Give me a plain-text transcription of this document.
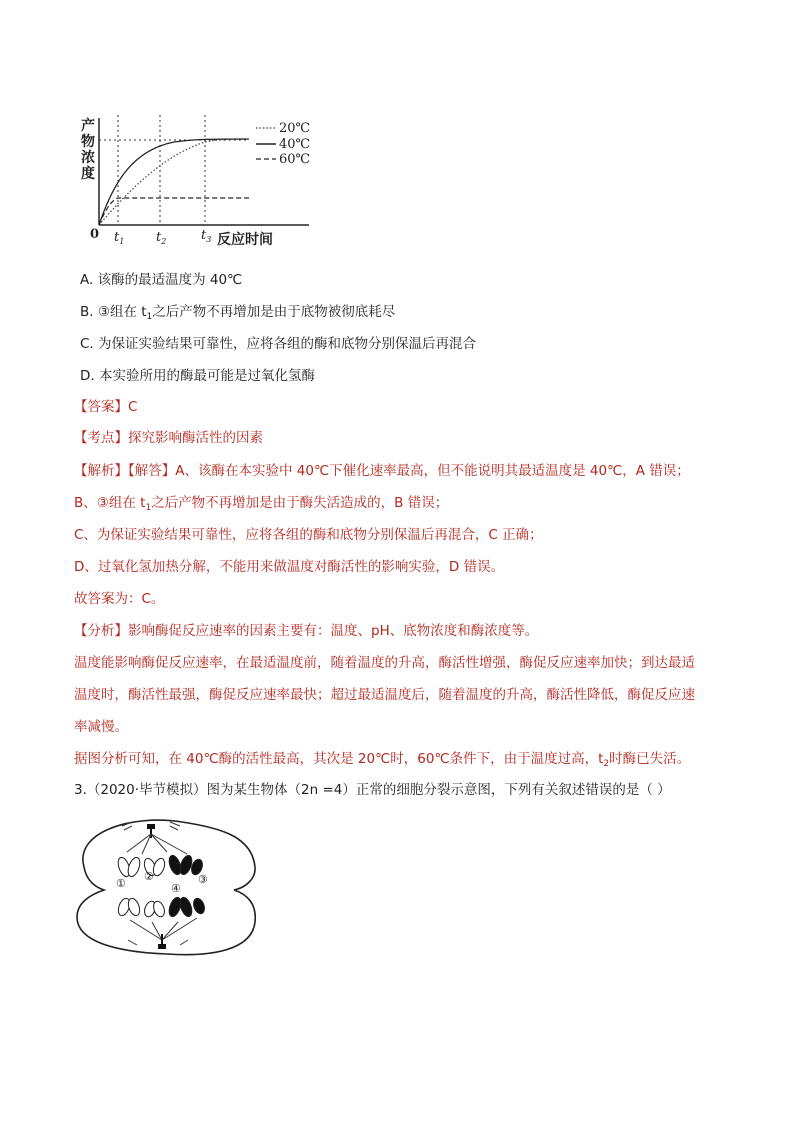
产
物
浓
度
20℃
40℃
60℃
0 $t_1$ $t_2$	$t_3$ 反应时间
A. 该酶的最适温度为 40℃
B. ③组在 $t_1$之后产物不再增加是由于底物被彻底耗尽
C. 为保证实验结果可靠性，应将各组的酶和底物分别保温后再混合
D. 本实验所用的酶最可能是过氧化氢酶
【答案】C
【考点】探究影响酶活性的因素
【解析】【解答】A、该酶在本实验中 40℃下催化速率最高，但不能说明其最适温度是 40℃，A 错误；
B、③组在 $t_1$之后产物不再增加是由于酶失活造成的，B 错误；
C、为保证实验结果可靠性，应将各组的酶和底物分别保温后再混合，C 正确；
D、过氧化氢加热分解，不能用来做温度对酶活性的影响实验，D 错误。
故答案为：C。
【分析】影响酶促反应速率的因素主要有：温度、pH、底物浓度和酶浓度等。
温度能影响酶促反应速率，在最适温度前，随着温度的升高，酶活性增强，酶促反应速率加快；到达最适
温度时，酶活性最强，酶促反应速率最快；超过最适温度后，随着温度的升高，酶活性降低，酶促反应速
率减慢。
据图分析可知，在 40℃酶的活性最高，其次是 20℃时，60℃条件下，由于温度过高，$t_2$时酶已失活。
3.（2020·毕节模拟）图为某生物体（2n =4）正常的细胞分裂示意图，下列有关叙述错误的是（ ）
①
②
④
③
